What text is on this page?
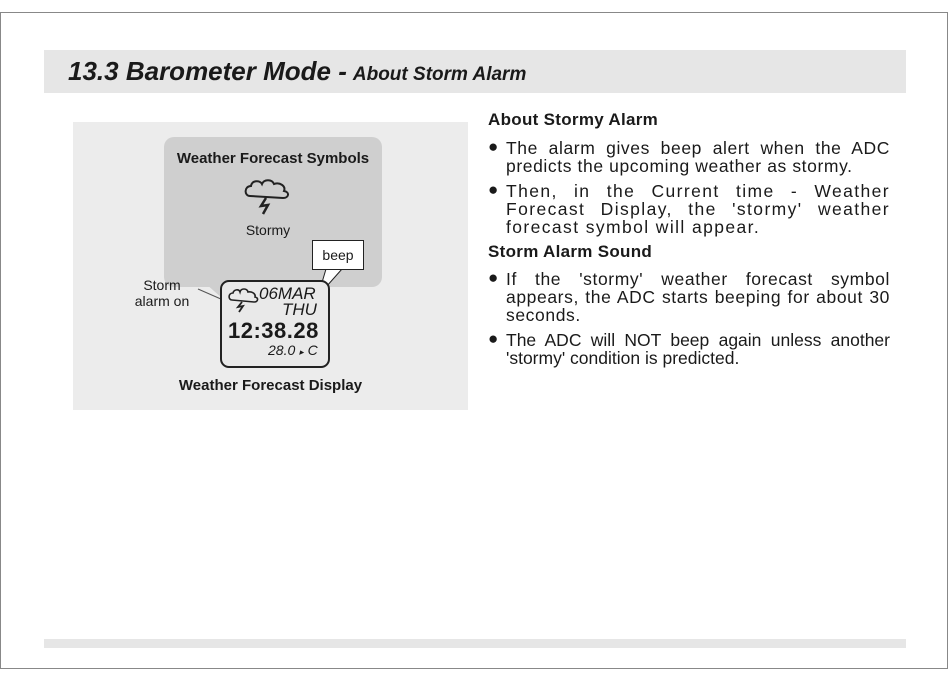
13.3 Barometer Mode - About Storm Alarm
Weather Forecast Symbols
Stormy
beep
06MAR
THU
12:38.28
28.0 ▸ C
Storm
alarm on
Weather Forecast Display

About Stormy Alarm

● The alarm gives beep alert when the ADC predicts the upcoming weather as stormy.

● Then, in the Current time - Weather Forecast Display, the 'stormy' weather forecast symbol will appear.

Storm Alarm Sound

● If the 'stormy' weather forecast symbol appears, the ADC starts beeping for about 30 seconds.

● The ADC will NOT beep again unless another 'stormy' condition is predicted.
